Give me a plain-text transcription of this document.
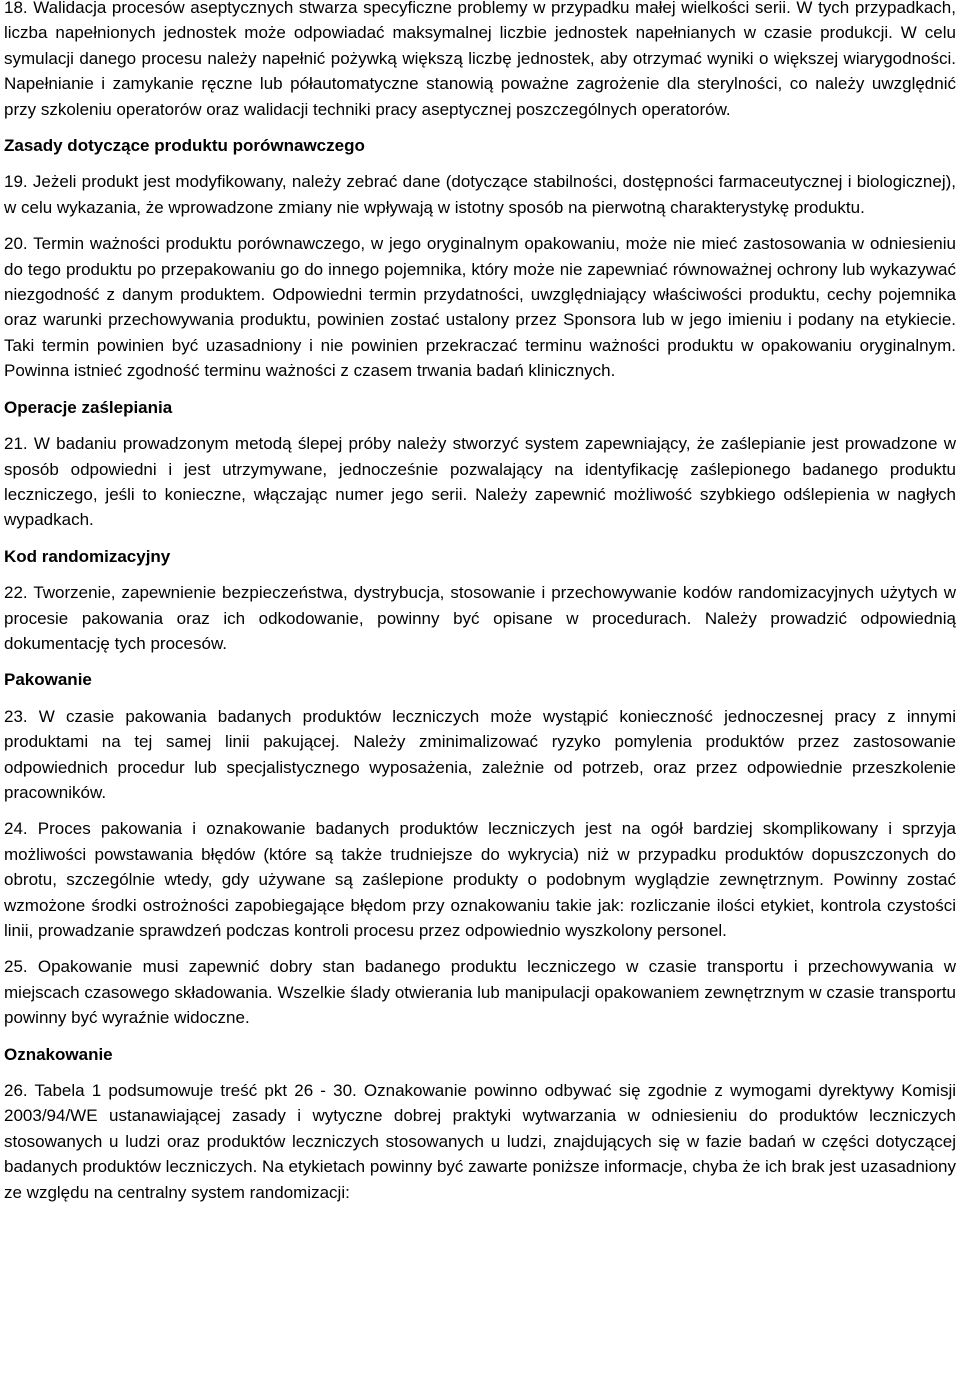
18. Walidacja procesów aseptycznych stwarza specyficzne problemy w przypadku małej wielkości serii. W tych przypadkach, liczba napełnionych jednostek może odpowiadać maksymalnej liczbie jednostek napełnianych w czasie produkcji. W celu symulacji danego procesu należy napełnić pożywką większą liczbę jednostek, aby otrzymać wyniki o większej wiarygodności. Napełnianie i zamykanie ręczne lub półautomatyczne stanowią poważne zagrożenie dla sterylności, co należy uwzględnić przy szkoleniu operatorów oraz walidacji techniki pracy aseptycznej poszczególnych operatorów.

Zasady dotyczące produktu porównawczego

19. Jeżeli produkt jest modyfikowany, należy zebrać dane (dotyczące stabilności, dostępności farmaceutycznej i biologicznej), w celu wykazania, że wprowadzone zmiany nie wpływają w istotny sposób na pierwotną charakterystykę produktu.

20. Termin ważności produktu porównawczego, w jego oryginalnym opakowaniu, może nie mieć zastosowania w odniesieniu do tego produktu po przepakowaniu go do innego pojemnika, który może nie zapewniać równoważnej ochrony lub wykazywać niezgodność z danym produktem. Odpowiedni termin przydatności, uwzględniający właściwości produktu, cechy pojemnika oraz warunki przechowywania produktu, powinien zostać ustalony przez Sponsora lub w jego imieniu i podany na etykiecie. Taki termin powinien być uzasadniony i nie powinien przekraczać terminu ważności produktu w opakowaniu oryginalnym. Powinna istnieć zgodność terminu ważności z czasem trwania badań klinicznych.

Operacje zaślepiania

21. W badaniu prowadzonym metodą ślepej próby należy stworzyć system zapewniający, że zaślepianie jest prowadzone w sposób odpowiedni i jest utrzymywane, jednocześnie pozwalający na identyfikację zaślepionego badanego produktu leczniczego, jeśli to konieczne, włączając numer jego serii. Należy zapewnić możliwość szybkiego odślepienia w nagłych wypadkach.

Kod randomizacyjny

22. Tworzenie, zapewnienie bezpieczeństwa, dystrybucja, stosowanie i przechowywanie kodów randomizacyjnych użytych w procesie pakowania oraz ich odkodowanie, powinny być opisane w procedurach. Należy prowadzić odpowiednią dokumentację tych procesów.

Pakowanie

23. W czasie pakowania badanych produktów leczniczych może wystąpić konieczność jednoczesnej pracy z innymi produktami na tej samej linii pakującej. Należy zminimalizować ryzyko pomylenia produktów przez zastosowanie odpowiednich procedur lub specjalistycznego wyposażenia, zależnie od potrzeb, oraz przez odpowiednie przeszkolenie pracowników.

24. Proces pakowania i oznakowanie badanych produktów leczniczych jest na ogół bardziej skomplikowany i sprzyja możliwości powstawania błędów (które są także trudniejsze do wykrycia) niż w przypadku produktów dopuszczonych do obrotu, szczególnie wtedy, gdy używane są zaślepione produkty o podobnym wyglądzie zewnętrznym. Powinny zostać wzmożone środki ostrożności zapobiegające błędom przy oznakowaniu takie jak: rozliczanie ilości etykiet, kontrola czystości linii, prowadzanie sprawdzeń podczas kontroli procesu przez odpowiednio wyszkolony personel.

25. Opakowanie musi zapewnić dobry stan badanego produktu leczniczego w czasie transportu i przechowywania w miejscach czasowego składowania. Wszelkie ślady otwierania lub manipulacji opakowaniem zewnętrznym w czasie transportu powinny być wyraźnie widoczne.

Oznakowanie

26. Tabela 1 podsumowuje treść pkt 26 - 30. Oznakowanie powinno odbywać się zgodnie z wymogami dyrektywy Komisji 2003/94/WE ustanawiającej zasady i wytyczne dobrej praktyki wytwarzania w odniesieniu do produktów leczniczych stosowanych u ludzi oraz produktów leczniczych stosowanych u ludzi, znajdujących się w fazie badań w części dotyczącej badanych produktów leczniczych. Na etykietach powinny być zawarte poniższe informacje, chyba że ich brak jest uzasadniony ze względu na centralny system randomizacji:
